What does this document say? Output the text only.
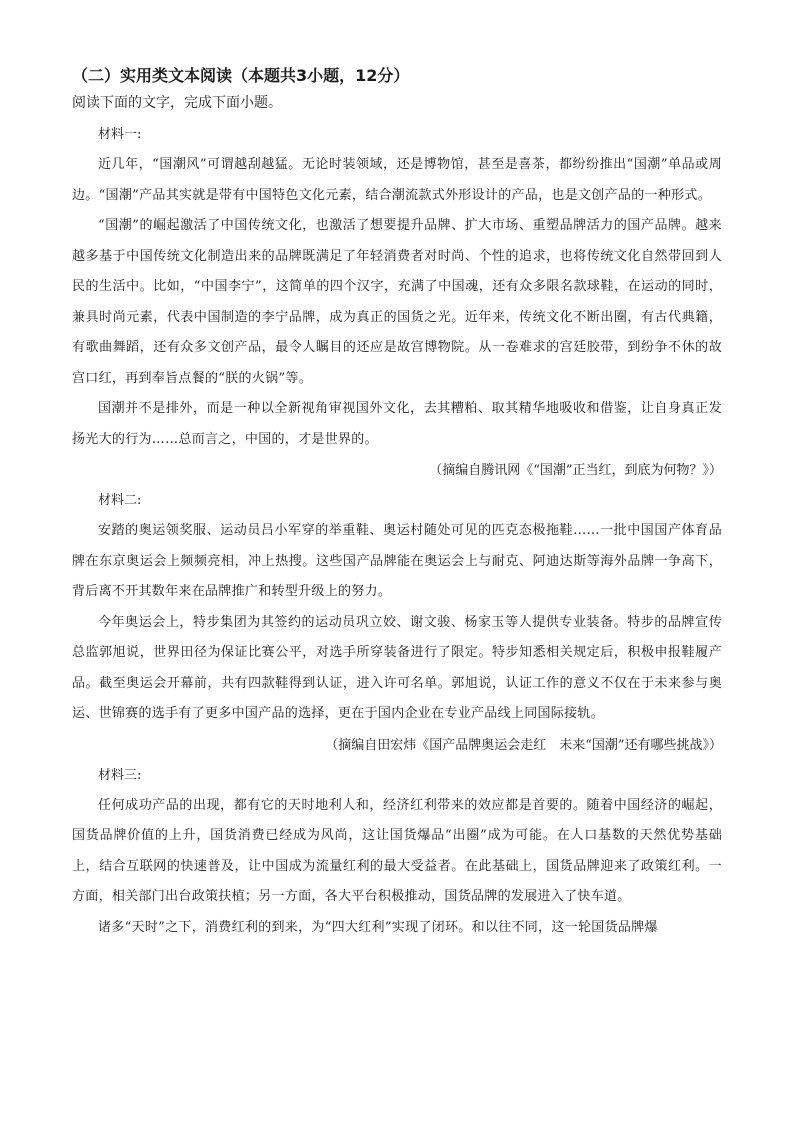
（二）实用类文本阅读（本题共3小题，12分）

阅读下面的文字，完成下面小题。

材料一:

近几年，“国潮风”可谓越刮越猛。无论时装领域，还是博物馆，甚至是喜茶，都纷纷推出“国潮”单品或周边。“国潮”产品其实就是带有中国特色文化元素，结合潮流款式外形设计的产品，也是文创产品的一种形式。

“国潮”的崛起激活了中国传统文化，也激活了想要提升品牌、扩大市场、重塑品牌活力的国产品牌。越来越多基于中国传统文化制造出来的品牌既满足了年轻消费者对时尚、个性的追求，也将传统文化自然带回到人民的生活中。比如，“中国李宁”，这简单的四个汉字，充满了中国魂，还有众多限名款球鞋，在运动的同时，兼具时尚元素，代表中国制造的李宁品牌，成为真正的国货之光。近年来，传统文化不断出圈，有古代典籍，有歌曲舞蹈，还有众多文创产品，最令人瞩目的还应是故宫博物院。从一卷难求的宫廷胶带，到纷争不休的故宫口红，再到奉旨点餐的“朕的火锅”等。

国潮并不是排外，而是一种以全新视角审视国外文化，去其糟粕、取其精华地吸收和借鉴，让自身真正发扬光大的行为……总而言之，中国的，才是世界的。

（摘编自腾讯网《“国潮”正当红，到底为何物？》）

材料二:

安踏的奥运领奖服、运动员吕小军穿的举重鞋、奥运村随处可见的匹克态极拖鞋……一批中国国产体育品牌在东京奥运会上频频亮相，冲上热搜。这些国产品牌能在奥运会上与耐克、阿迪达斯等海外品牌一争高下，背后离不开其数年来在品牌推广和转型升级上的努力。

今年奥运会上，特步集团为其签约的运动员巩立姣、谢文骏、杨家玉等人提供专业装备。特步的品牌宣传总监郭旭说，世界田径为保证比赛公平，对选手所穿装备进行了限定。特步知悉相关规定后，积极申报鞋履产品。截至奥运会开幕前，共有四款鞋得到认证，进入许可名单。郭旭说，认证工作的意义不仅在于未来参与奥运、世锦赛的选手有了更多中国产品的选择，更在于国内企业在专业产品线上同国际接轨。

（摘编自田宏炜《国产品牌奥运会走红　未来“国潮”还有哪些挑战》）

材料三:

任何成功产品的出现，都有它的天时地利人和，经济红利带来的效应都是首要的。随着中国经济的崛起，国货品牌价值的上升，国货消费已经成为风尚，这让国货爆品“出圈”成为可能。在人口基数的天然优势基础上，结合互联网的快速普及，让中国成为流量红利的最大受益者。在此基础上，国货品牌迎来了政策红利。一方面，相关部门出台政策扶植；另一方面，各大平台积极推动，国货品牌的发展进入了快车道。

诸多“天时”之下，消费红利的到来，为“四大红利”实现了闭环。和以往不同，这一轮国货品牌爆
